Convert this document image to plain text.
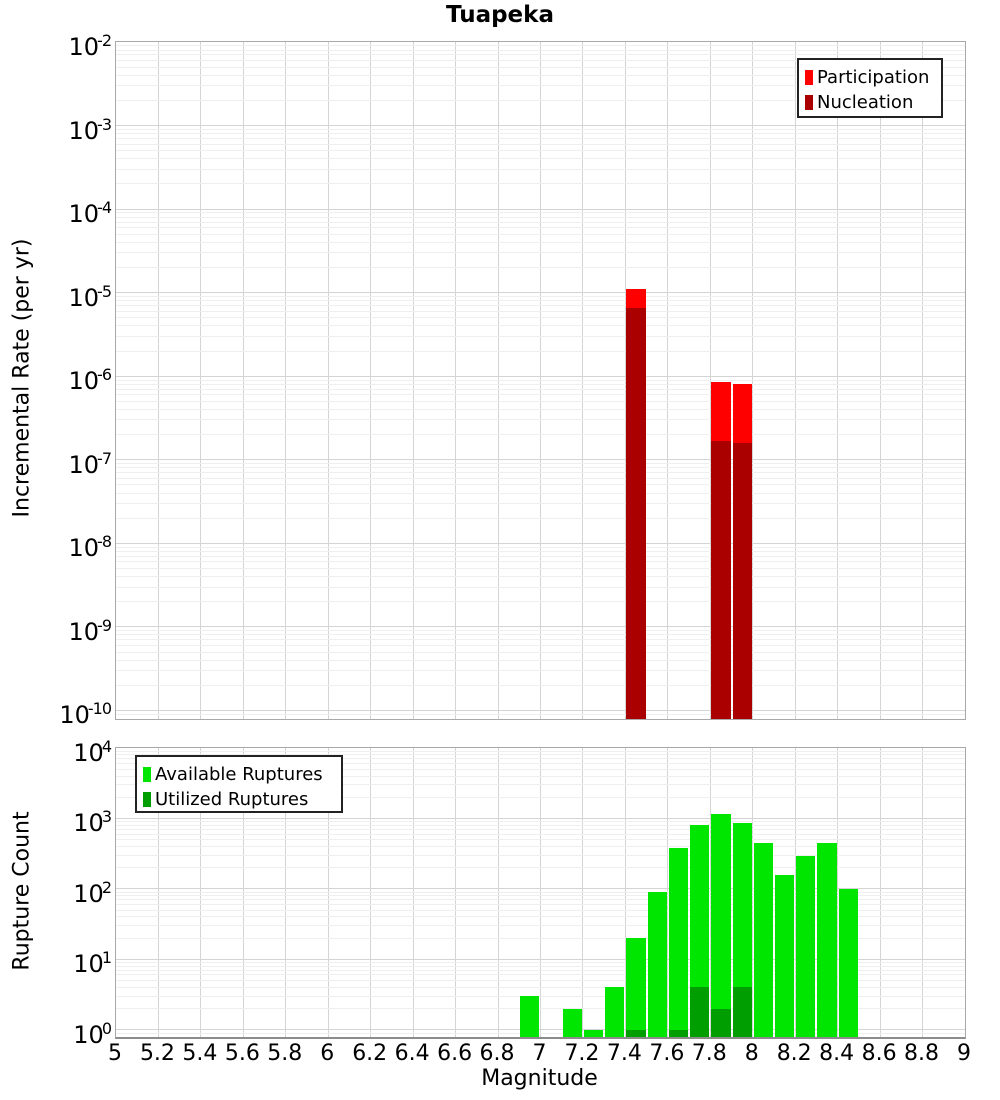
Tuapeka
Incremental Rate (per yr)
Rupture Count
Magnitude
$10^{-2}$
$10^{-3}$
$10^{-4}$
$10^{-5}$
$10^{-6}$
$10^{-7}$
$10^{-8}$
$10^{-9}$
$10^{-10}$
$10^4$
$10^3$
$10^2$
$10^1$
$10^0$
5 5.2 5.4 5.6 5.8 6 6.2 6.4 6.6 6.8 7 7.2 7.4 7.6 7.8 8 8.2 8.4 8.6 8.8 9
Participation
Nucleation
Available Ruptures
Utilized Ruptures
